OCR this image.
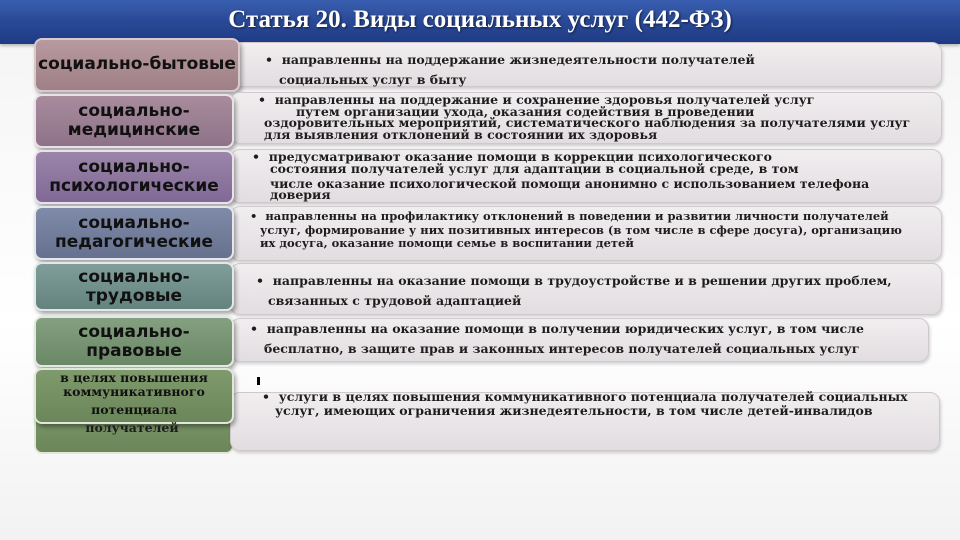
Статья 20. Виды социальных услуг (442-ФЗ)
•   направленны на поддержание жизнедеятельности получателей
социальных услуг в быту
социально-бытовые
•   направленны на поддержание и сохранение здоровья получателей услуг
путем организации ухода, оказания содействия в проведении
оздоровительных мероприятий, систематического наблюдения за получателями услуг
для выявления отклонений в состоянии их здоровья
социально-
медицинские
•   предусматривают оказание помощи в коррекции психологического
состояния получателей услуг для адаптации в социальной среде, в том
числе оказание психологической помощи анонимно с использованием телефона
доверия
социально-
психологические
•   направленны на профилактику отклонений в поведении и развитии личности получателей
услуг, формирование у них позитивных интересов (в том числе в сфере досуга), организацию
их досуга, оказание помощи семье в воспитании детей
социально-
педагогические
•   направленны на оказание помощи в трудоустройстве и в решении других проблем,
связанных с трудовой адаптацией
социально-
трудовые
•   направленны на оказание помощи в получении юридических услуг, в том числе
бесплатно, в защите прав и законных интересов получателей социальных услуг
социально-
правовые
•   услуги в целях повышения коммуникативного потенциала получателей социальных
услуг, имеющих ограничения жизнедеятельности, в том числе детей-инвалидов
в целях повышения
коммуникативного
потенциала
получателей
